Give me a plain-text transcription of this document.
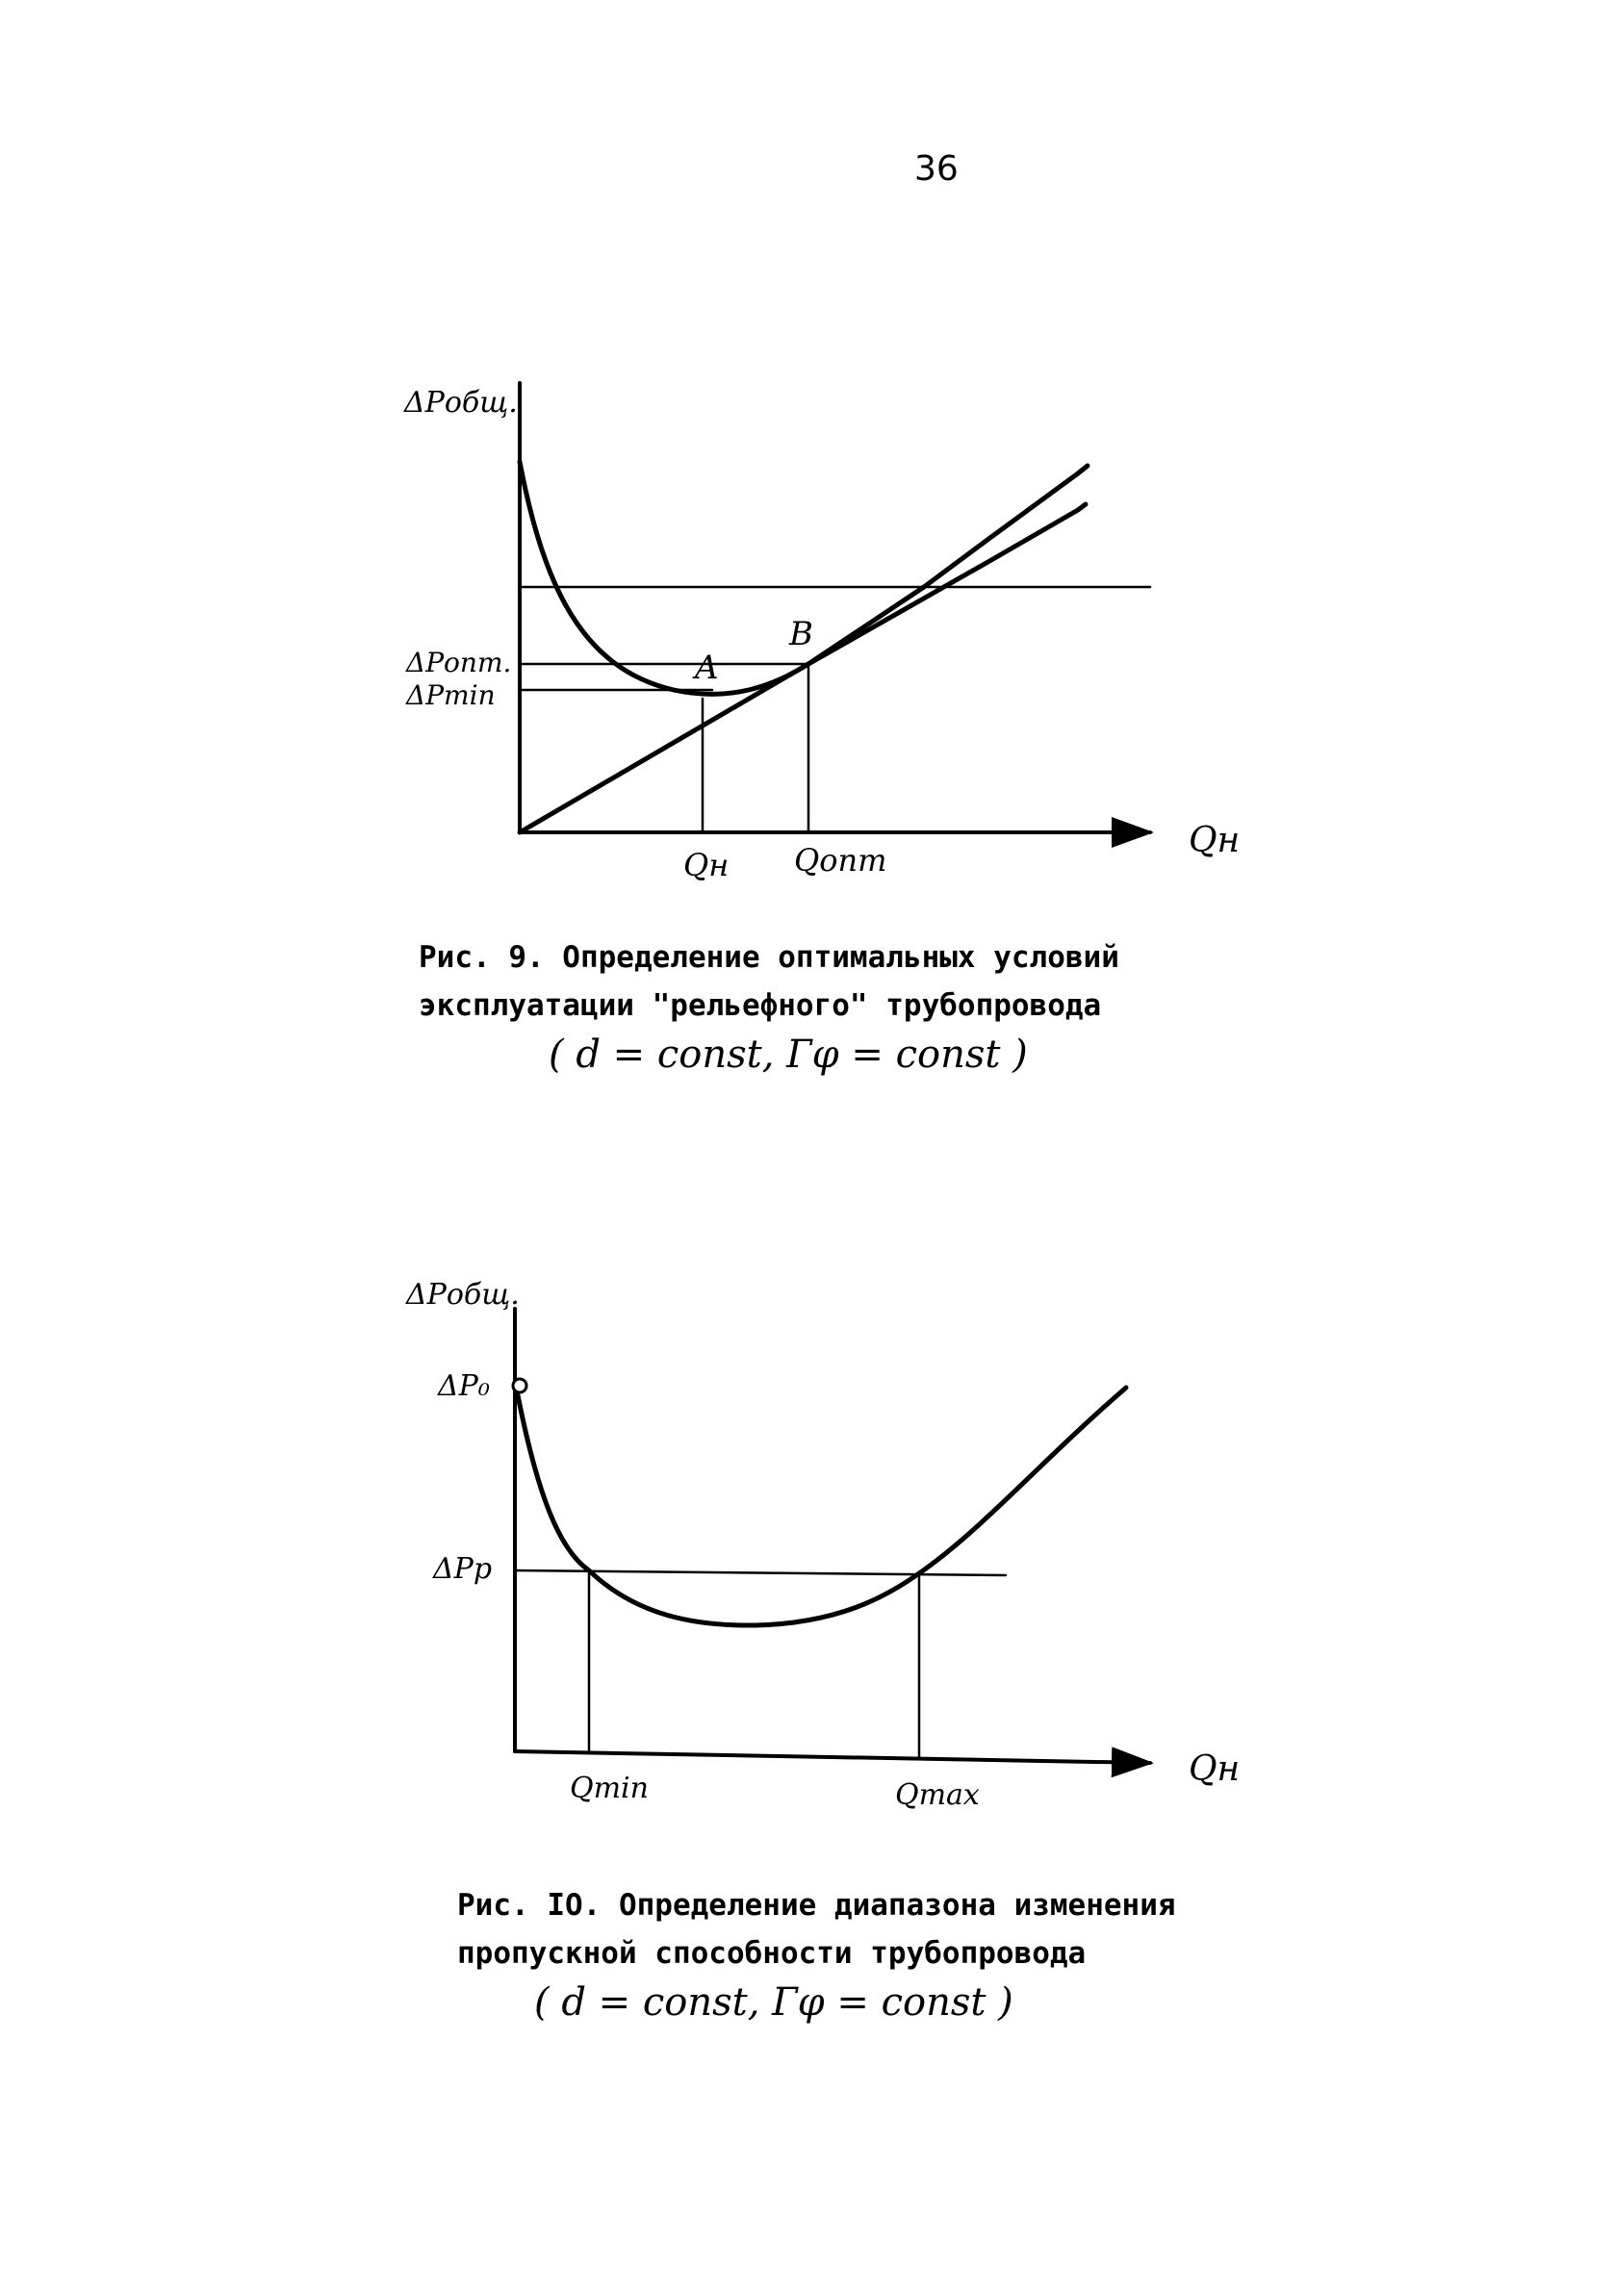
36
ΔPобщ.
ΔPопт.
ΔPmin
A
B
Qн Qопт	Qн
Рис. 9. Определение оптимальных условий
эксплуатации "рельефного" трубопровода

( d = const, Гφ = const )
ΔPобщ.
ΔP₀
ΔPp
Qmin	Qmax
Qн
Рис. IO. Определение диапазона изменения
пропускной способности трубопровода

( d = const, Гφ = const )
